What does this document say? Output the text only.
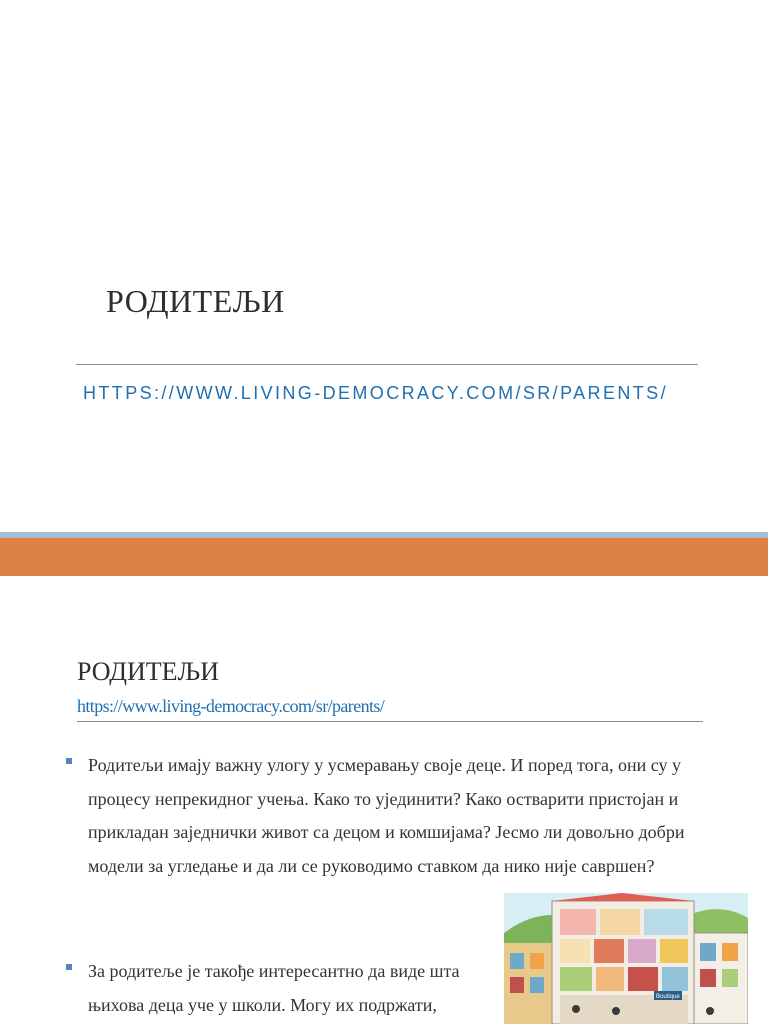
РОДИТЕЉИ
HTTPS://WWW.LIVING-DEMOCRACY.COM/SR/PARENTS/
РОДИТЕЉИ
https://www.living-democracy.com/sr/parents/
Родитељи имају важну улогу у усмеравању своје деце. И поред тога, они су у процесу непрекидног учења. Како то ујединити? Како остварити пристојан и прикладан заједнички живот са децом и комшијама? Јесмо ли довољно добри модели за угледање и да ли се руководимо ставком да нико није савршен?
За родитеље је такође интересантно да виде шта њихова деца уче у школи. Могу их подржати,	Boutique
